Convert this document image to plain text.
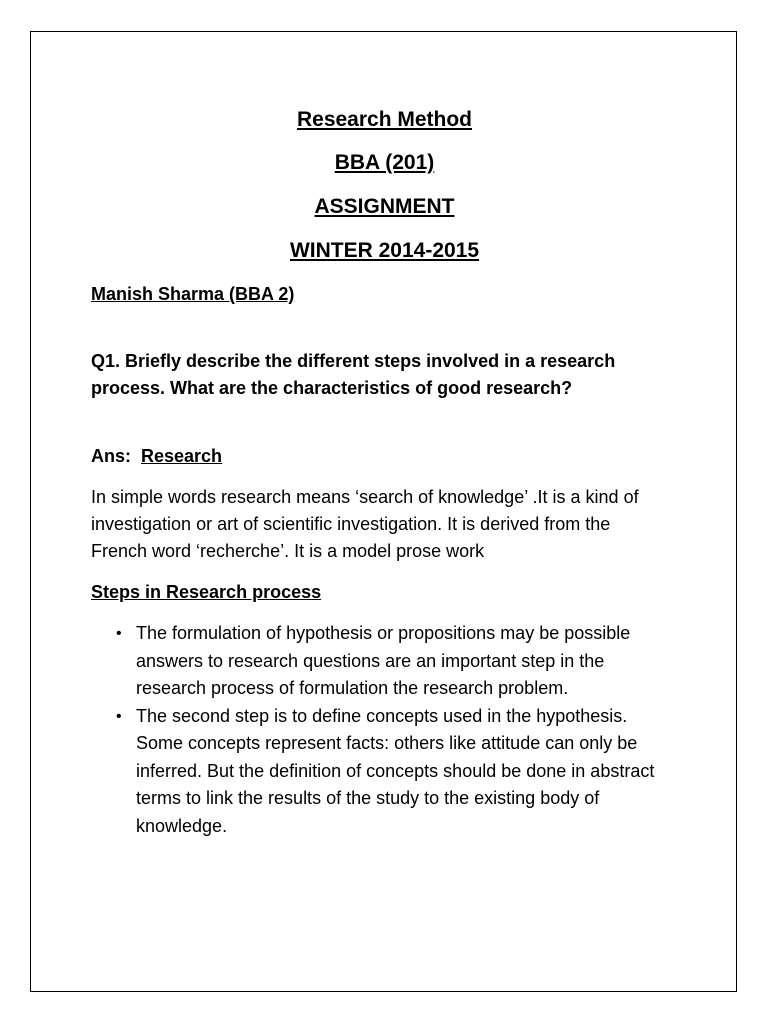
Research Method

BBA (201)

ASSIGNMENT

WINTER 2014-2015

Manish Sharma (BBA 2)

Q1. Briefly describe the different steps involved in a research process. What are the characteristics of good research?

Ans: Research

In simple words research means ‘search of knowledge’ .It is a kind of investigation or art of scientific investigation. It is derived from the French word ‘recherche’. It is a model prose work

Steps in Research process

• The formulation of hypothesis or propositions may be possible answers to research questions are an important step in the research process of formulation the research problem.
• The second step is to define concepts used in the hypothesis. Some concepts represent facts: others like attitude can only be inferred. But the definition of concepts should be done in abstract terms to link the results of the study to the existing body of knowledge.
